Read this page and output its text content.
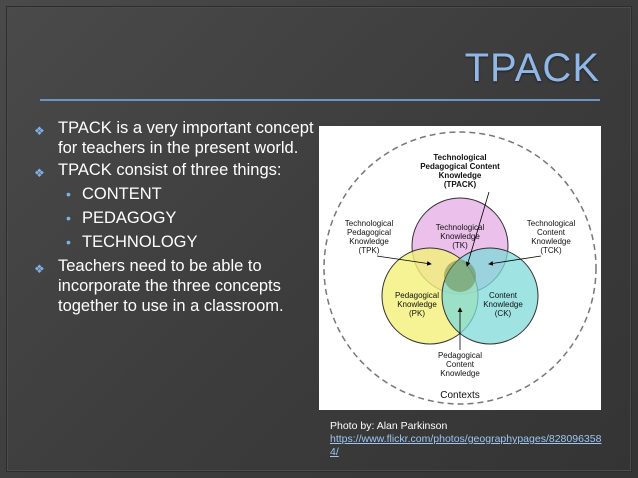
TPACK
❖ TPACK is a very important concept for teachers in the present world.
❖ TPACK consist of three things:
• CONTENT
• PEDAGOGY
• TECHNOLOGY
❖ Teachers need to be able to incorporate the three concepts together to use in a classroom.
Technological
Pedagogical Content
Knowledge
(TPACK)
Technological
Pedagogical
Knowledge
(TPK)
Technological
Content
Knowledge
(TCK)
Technological
Knowledge
(TK)
Pedagogical
Knowledge
(PK)
Content
Knowledge
(CK)
Pedagogical
Content
Knowledge
Contexts
Photo by: Alan Parkinson
https://www.flickr.com/photos/geographypages/8280963584/
